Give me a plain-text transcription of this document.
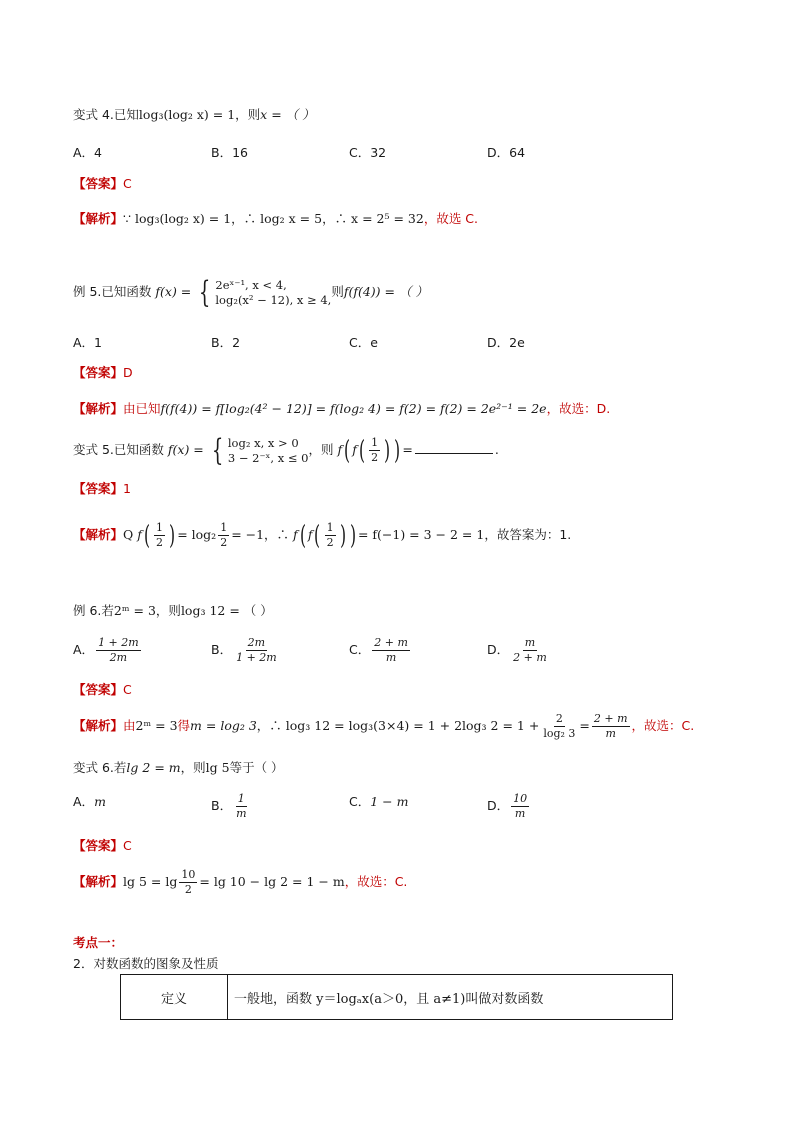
变式 4.已知log₃(log₂ x) = 1，则x = （ ）
A．4	B．16	C．32	D．64
【答案】C
【解析】∵ log₃(log₂ x) = 1，∴ log₂ x = 5，∴ x = 2⁵ = 32，故选 C.
例 5.已知函数 f(x) = { 2eˣ⁻¹, x < 4,
log₂(x² − 12), x ≥ 4,
则f(f(4)) = （ ）
A．1	B．2	C．e	D．2e
【答案】D
【解析】由已知f(f(4)) = f[log₂(4² − 12)] = f(log₂ 4) = f(2) = f(2) = 2e²⁻¹ = 2e，故选：D.
变式 5.已知函数 f(x) = { log₂ x, x > 0
3 − 2⁻ˣ, x ≤ 0
，则 f( $f( \frac{1}{2}$ ) ) =	.
【答案】1
【解析】Q $f( \frac{1}{2}$ ) = $\log_2 \frac{1}{2} = -1$，∴ f( $f( \frac{1}{2}$ ) ) = f(−1) = 3 − 2 = 1，故答案为：1.
例 6.若2ᵐ = 3，则log₃ 12 = （ ）
A． $\frac{1 + 2m}{2m}$	B． $\frac{2m}{1 + 2m}$	C． $\frac{2 + m}{m}$	D． $\frac{m}{2 + m}$
【答案】C
【解析】由2ᵐ = 3得m = log₂ 3，∴ log₃ 12 = log₃(3×4) = 1 + 2log₃ $2 = 1 + \frac{2}{\text{log₂ 3}} = \frac{2 + m}{m}$ ，故选：C.
变式 6.若lg 2 = m，则lg 5等于（ ）
A．m	B． $\frac{1}{m}$	C．1 − m	D． $\frac{10}{m}$
【答案】C
【解析】$\lg 5 = \lg \frac{10}{2} = \lg 10 - \lg 2 = 1 - m$，故选：C.
考点一：
2．对数函数的图象及性质
定义	一般地，函数 y＝logₐx(a＞0，且 a≠1)叫做对数函数
